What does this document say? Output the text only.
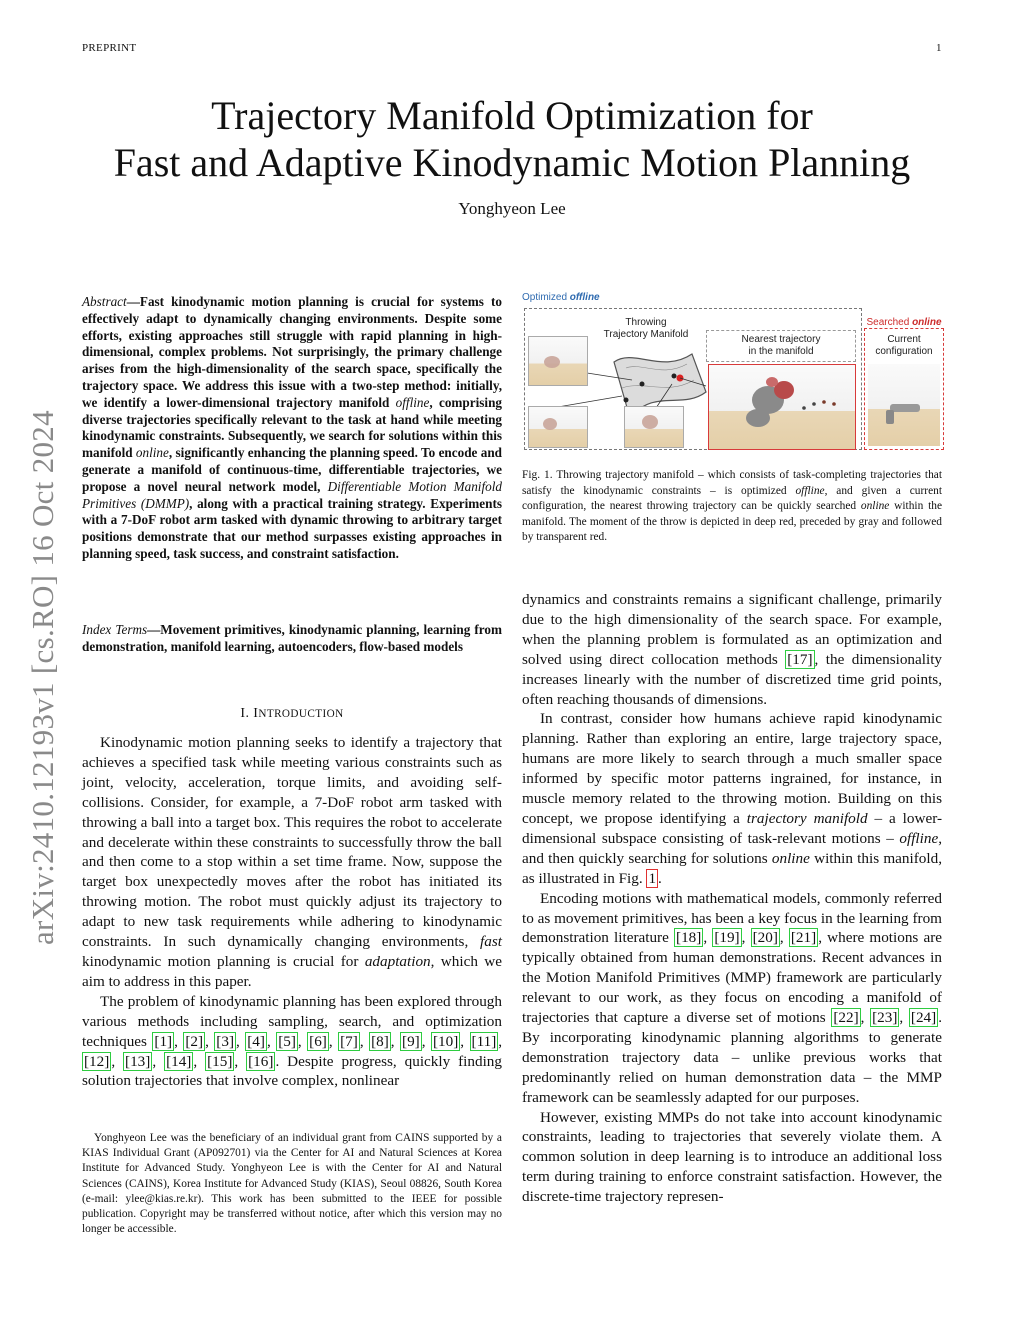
PREPRINT	1
Trajectory Manifold Optimization for
Fast and Adaptive Kinodynamic Motion Planning
Yonghyeon Lee
arXiv:2410.12193v1 [cs.RO] 16 Oct 2024
Abstract—Fast kinodynamic motion planning is crucial for systems to effectively adapt to dynamically changing environments. Despite some efforts, existing approaches still struggle with rapid planning in high-dimensional, complex problems. Not surprisingly, the primary challenge arises from the high-dimensionality of the search space, specifically the trajectory space. We address this issue with a two-step method: initially, we identify a lower-dimensional trajectory manifold offline, comprising diverse trajectories specifically relevant to the task at hand while meeting kinodynamic constraints. Subsequently, we search for solutions within this manifold online, significantly enhancing the planning speed. To encode and generate a manifold of continuous-time, differentiable trajectories, we propose a novel neural network model, Differentiable Motion Manifold Primitives (DMMP), along with a practical training strategy. Experiments with a 7-DoF robot arm tasked with dynamic throwing to arbitrary target positions demonstrate that our method surpasses existing approaches in planning speed, task success, and constraint satisfaction.
Index Terms—Movement primitives, kinodynamic planning, learning from demonstration, manifold learning, autoencoders, flow-based models
I. INTRODUCTION

Kinodynamic motion planning seeks to identify a trajectory that achieves a specified task while meeting various constraints such as joint, velocity, acceleration, torque limits, and avoiding self-collisions. Consider, for example, a 7-DoF robot arm tasked with throwing a ball into a target box. This requires the robot to accelerate and decelerate within these constraints to successfully throw the ball and then come to a stop within a set time frame. Now, suppose the target box unexpectedly moves after the robot has initiated its throwing motion. The robot must quickly adjust its trajectory to adapt to new task requirements while adhering to kinodynamic constraints. In such dynamically changing environments, fast kinodynamic motion planning is crucial for adaptation, which we aim to address in this paper.

The problem of kinodynamic planning has been explored through various methods including sampling, search, and optimization techniques [1] , [2] , [3] , [4] , [5] , [6] , [7] , [8] , [9] , [10] , [11] , [12] , [13] , [14] , [15] , [16] . Despite progress, quickly finding solution trajectories that involve complex, nonlinear

Yonghyeon Lee was the beneficiary of an individual grant from CAINS supported by a KIAS Individual Grant (AP092701) via the Center for AI and Natural Sciences at Korea Institute for Advanced Study. Yonghyeon Lee is with the Center for AI and Natural Sciences (CAINS), Korea Institute for Advanced Study (KIAS), Seoul 08826, South Korea (e-mail: ylee@kias.re.kr). This work has been submitted to the IEEE for possible publication. Copyright may be transferred without notice, after which this version may no longer be accessible.

Optimized offline
Searched online
Throwing
Trajectory Manifold	Nearest trajectory
in the manifold
Current
configuration
Fig. 1. Throwing trajectory manifold – which consists of task-completing trajectories that satisfy the kinodynamic constraints – is optimized offline, and given a current configuration, the nearest throwing trajectory can be quickly searched online within the manifold. The moment of the throw is depicted in deep red, preceded by gray and followed by transparent red.

dynamics and constraints remains a significant challenge, primarily due to the high dimensionality of the search space. For example, when the planning problem is formulated as an optimization and solved using direct collocation methods [17] , the dimensionality increases linearly with the number of discretized time grid points, often reaching thousands of dimensions.

In contrast, consider how humans achieve rapid kinodynamic planning. Rather than exploring an entire, large trajectory space, humans are more likely to search through a much smaller space informed by specific motor patterns ingrained, for instance, in muscle memory related to the throwing motion. Building on this concept, we propose identifying a trajectory manifold – a lower-dimensional subspace consisting of task-relevant motions – offline, and then quickly searching for solutions online within this manifold, as illustrated in Fig. 1 .

Encoding motions with mathematical models, commonly referred to as movement primitives, has been a key focus in the learning from demonstration literature [18] , [19] , [20] , [21] , where motions are typically obtained from human demonstrations. Recent advances in the Motion Manifold Primitives (MMP) framework are particularly relevant to our work, as they focus on encoding a manifold of trajectories that capture a diverse set of motions [22] , [23] , [24] . By incorporating kinodynamic planning algorithms to generate demonstration trajectory data – unlike previous works that predominantly relied on human demonstration data – the MMP framework can be seamlessly adapted for our purposes.

However, existing MMPs do not take into account kinodynamic constraints, leading to trajectories that severely violate them. A common solution in deep learning is to introduce an additional loss term during training to enforce constraint satisfaction. However, the discrete-time trajectory represen-
